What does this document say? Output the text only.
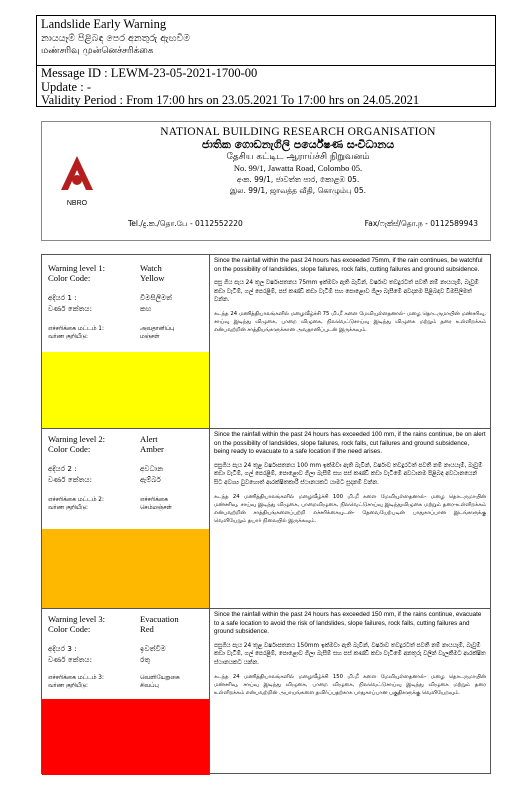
Landslide Early Warning
නායයෑම් පිළිබඳ පෙර අනතුරු ඇඟවීම
மண்சரிவு முன்னெச்சரிக்கை
Message ID : LEWM-23-05-2021-1700-00
Update : -
Validity Period : From 17:00 hrs on 23.05.2021 To 17:00 hrs on 24.05.2021
NBRO
NATIONAL BUILDING RESEARCH ORGANISATION
ජාතික ගොඩනැගිලි පර්යේෂණ සංවිධානය
தேசிய கட்டிட ஆராய்ச்சி நிறுவனம்
No. 99/1, Jawatta Road, Colombo 05.
අංක. 99/1, ජාවත්ත පාර, කොළඹ 05.
இல. 99/1, ஜாவத்த வீதி, கொழும்பு 05.
Tel./දු.ක./தொ.பே - 0112552220	Fax/ෆැක්ස්/தொ.ந - 0112589943
Warning level 1:	Watch
Color Code:	Yellow
අදියර 1 :	විමසිලිමත්
වර්ණ කේතය:	කහ
எச்சரிக்கை மட்டம் 1:	அவதானிப்பு
வர்ண குறியீடு:	மஞ்சள்

Since the rainfall within the past 24 hours has exceeded 75mm, if the rain continues, be watchful on the possibility of landslides, slope failures, rock falls, cutting failures and ground subsidence.

පසු ගිය පැය 24 තුල වර්ෂාපතනය 75mm ඉක්මවා ඇති බැවින්, වර්ෂාව තවදුරටත් පවතී නම් නායයෑම්, බෑවුම් කඩා වැටීම්, ගල් පෙරළීම්, පස් කණ්ඩි කඩා වැටීම් සහ පොළොව ගිලා බැසීමේ අවදානම පිළිබඳව විමසිලිමත් වන්න.

கடந்த 24 மணித்தியாலங்களில் மழைவீழ்ச்சி 75 மி.மீ களை மேவியுள்ளதனால்- மழை தொடருமாயின் மண்சரிவு, சாய்வு இடிந்து விழுகை, பாறை விழுகை, நிலவெட்டுசாய்வு இடிந்து விழுகை மற்றும் தரை உள்ளிறக்கம் என்பவற்றின் சாத்தியங்களுக்கான அவதானிப்புடன் இருக்கவும்.

Warning level 2:	Alert
Color Code:	Amber
අදියර 2 :	අවධාන
වර්ණ කේතය:	ඇම්බර්
எச்சரிக்கை மட்டம் 2:	எச்சரிக்கை
வர்ண குறியீடு:	செம்மஞ்சள்

Since the rainfall within the past 24 hours has exceeded 100 mm, if the rains continue, be on alert on the possibility of landslides, slope failures, rock falls, cut failures and ground subsidence, being ready to evacuate to a safe location if the need arises.

පසුගිය පැය 24 තුළ වර්ෂාපතනය 100 mm ඉක්මවා ඇති බැවින්, වර්ෂාව තවදුරටත් පවතී නම් නායයෑම්, බෑවුම් කඩා වැටීම්, ගල් පෙරළීම්, පොළොව ගිලා බැසීම් සහ පස් කණ්ඩි කඩා වැටීමේ අවධානම පිළිබඳ අවධානයෙන් සිට අවශ්‍ය වුවහොත් ආරක්ෂිතකාරී ස්ථානයකට යාමට සූදානම් වන්න.

கடந்த 24 மணித்தியாலங்களில் மழைவீழ்ச்சி 100 மி.மீ களை மேவியுள்ளதனால்- மழை தொடருமாயின் மண்சரிவு, சாய்வு இடிந்து விழுகை, பாறைவிழுகை, நிலவெட்டுசாய்வு இடிந்துவிழுகை மற்றும் தரை-உள்ளிறக்கம் என்பவற்றின் சாத்தியங்களைப்பற்றி எச்சரிக்கையுடன்- தேவையேற்படின் பாதுகாப்பான இடங்களுக்கு வெளியேறும் தயார் நிலையில் இருக்கவும்.

Warning level 3:	Evacuation
Color Code:	Red
අදියර 3 :	ඉවත්වීම
වර්ණ කේතය:	රතු
எச்சரிக்கை மட்டம் 3:	வெளியேறுகை
வர்ண குறியீடு:	சிவப்பு

Since the rainfall within the past 24 hours has exceeded 150 mm, if the rains continue, evacuate to a safe location to avoid the risk of landslides, slope failures, rock falls, cutting failures and ground subsidence.

පසුගිය පැය 24 තුළ වර්ෂාපතනය 150mm ඉක්මවා ඇති බැවින්, වර්ෂාව තවදුරටත් පවතී නම් නායයෑම්, බෑවුම් කඩා වැටීම්, ගල් පෙරළීම්, පොළොව ගිලා බැසීම් සහ පස් කණ්ඩි කඩා වැටීමේ අනතුරු වලින් වැලකීමට ආරක්ෂිත ස්ථානයකට යන්න.

கடந்த 24 மணித்தியாலங்களில் மழைவீழ்ச்சி 150 மி.மீ களை மேவியுள்ளதனால்- மழை தொடருமாயின் மண்சரிவு, சாய்வு இடிந்து விழுகை, பாறை விழுகை, நிலவெட்டுசாய்வு இடிந்து விழுகை மற்றும் தரை உள்ளிறக்கம் என்பவற்றின் அபாயங்களை தவிர்ப்பதற்காக பாதுகாப்பான பகுதிகளுக்கு வெளியேறவும்.
